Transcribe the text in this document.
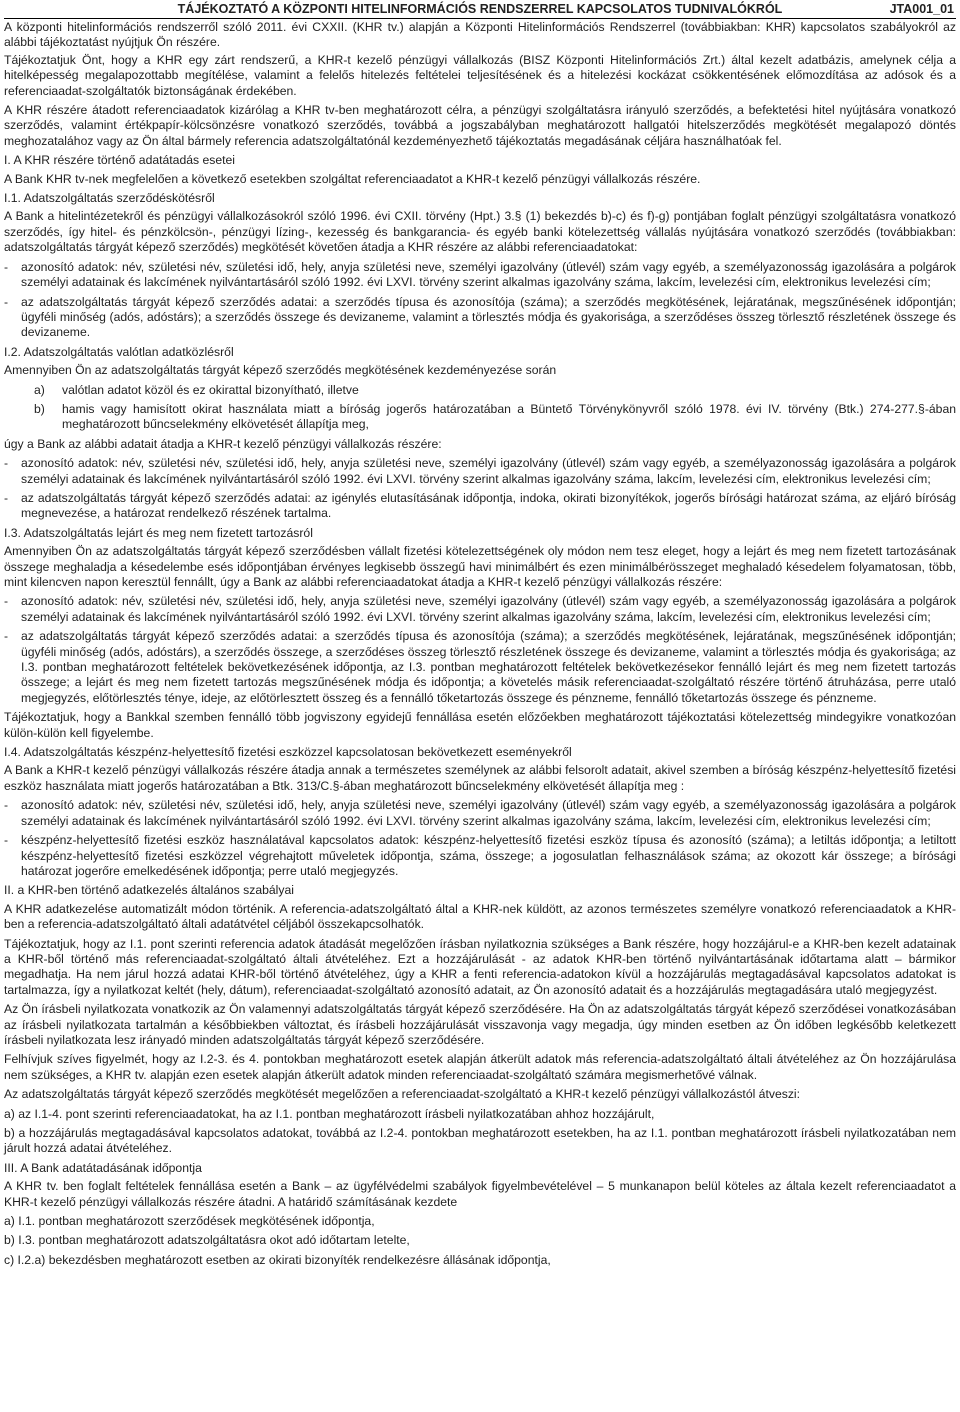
TÁJÉKOZTATÓ A KÖZPONTI HITELINFORMÁCIÓS RENDSZERREL KAPCSOLATOS TUDNIVALÓKRÓL	JTA001_01

A központi hitelinformációs rendszerről szóló 2011. évi CXXII. (KHR tv.) alapján a Központi Hitelinformációs Rendszerrel (továbbiakban: KHR) kapcsolatos szabályokról az alábbi tájékoztatást nyújtjuk Ön részére.

Tájékoztatjuk Önt, hogy a KHR egy zárt rendszerű, a KHR-t kezelő pénzügyi vállalkozás (BISZ Központi Hitelinformációs Zrt.) által kezelt adatbázis, amelynek célja a hitelképesség megalapozottabb megítélése, valamint a felelős hitelezés feltételei teljesítésének és a hitelezési kockázat csökkentésének előmozdítása az adósok és a referenciaadat-szolgáltatók biztonságának érdekében.

A KHR részére átadott referenciaadatok kizárólag a KHR tv-ben meghatározott célra, a pénzügyi szolgáltatásra irányuló szerződés, a befektetési hitel nyújtására vonatkozó szerződés, valamint értékpapír-kölcsönzésre vonatkozó szerződés, továbbá a jogszabályban meghatározott hallgatói hitelszerződés megkötését megalapozó döntés meghozatalához vagy az Ön által bármely referencia adatszolgáltatónál kezdeményezhető tájékoztatás megadásának céljára használhatóak fel.

I. A KHR részére történő adatátadás esetei

A Bank KHR tv-nek megfelelően a következő esetekben szolgáltat referenciaadatot a KHR-t kezelő pénzügyi vállalkozás részére.

I.1. Adatszolgáltatás szerződéskötésről

A Bank a hitelintézetekről és pénzügyi vállalkozásokról szóló 1996. évi CXII. törvény (Hpt.) 3.§ (1) bekezdés b)-c) és f)-g) pontjában foglalt pénzügyi szolgáltatásra vonatkozó szerződés, így hitel- és pénzkölcsön-, pénzügyi lízing-, kezesség és bankgarancia- és egyéb banki kötelezettség vállalás nyújtására vonatkozó szerződés (továbbiakban: adatszolgáltatás tárgyát képező szerződés) megkötését követően átadja a KHR részére az alábbi referenciaadatokat:

-	azonosító adatok: név, születési név, születési idő, hely, anyja születési neve, személyi igazolvány (útlevél) szám vagy egyéb, a személyazonosság igazolására a polgárok személyi adatainak és lakcímének nyilvántartásáról szóló 1992. évi LXVI. törvény szerint alkalmas igazolvány száma, lakcím, levelezési cím, elektronikus levelezési cím;
-	az adatszolgáltatás tárgyát képező szerződés adatai: a szerződés típusa és azonosítója (száma); a szerződés megkötésének, lejáratának, megszűnésének időpontján; ügyféli minőség (adós, adóstárs); a szerződés összege és devizaneme, valamint a törlesztés módja és gyakorisága, a szerződéses összeg törlesztő részletének összege és devizaneme.
I.2. Adatszolgáltatás valótlan adatközlésről

Amennyiben Ön az adatszolgáltatás tárgyát képező szerződés megkötésének kezdeményezése során

a)	valótlan adatot közöl és ez okirattal bizonyítható, illetve
b)	hamis vagy hamisított okirat használata miatt a bíróság jogerős határozatában a Büntető Törvénykönyvről szóló 1978. évi IV. törvény (Btk.) 274-277.§-ában meghatározott bűncselekmény elkövetését állapítja meg,

úgy a Bank az alábbi adatait átadja a KHR-t kezelő pénzügyi vállalkozás részére:

-	azonosító adatok: név, születési név, születési idő, hely, anyja születési neve, személyi igazolvány (útlevél) szám vagy egyéb, a személyazonosság igazolására a polgárok személyi adatainak és lakcímének nyilvántartásáról szóló 1992. évi LXVI. törvény szerint alkalmas igazolvány száma, lakcím, levelezési cím, elektronikus levelezési cím;
-	az adatszolgáltatás tárgyát képező szerződés adatai: az igénylés elutasításának időpontja, indoka, okirati bizonyítékok, jogerős bírósági határozat száma, az eljáró bíróság megnevezése, a határozat rendelkező részének tartalma.
I.3. Adatszolgáltatás lejárt és meg nem fizetett tartozásról

Amennyiben Ön az adatszolgáltatás tárgyát képező szerződésben vállalt fizetési kötelezettségének oly módon nem tesz eleget, hogy a lejárt és meg nem fizetett tartozásának összege meghaladja a késedelembe esés időpontjában érvényes legkisebb összegű havi minimálbért és ezen minimálbérösszeget meghaladó késedelem folyamatosan, több, mint kilencven napon keresztül fennállt, úgy a Bank az alábbi referenciaadatokat átadja a KHR-t kezelő pénzügyi vállalkozás részére:

-	azonosító adatok: név, születési név, születési idő, hely, anyja születési neve, személyi igazolvány (útlevél) szám vagy egyéb, a személyazonosság igazolására a polgárok személyi adatainak és lakcímének nyilvántartásáról szóló 1992. évi LXVI. törvény szerint alkalmas igazolvány száma, lakcím, levelezési cím, elektronikus levelezési cím;
-	az adatszolgáltatás tárgyát képező szerződés adatai: a szerződés típusa és azonosítója (száma); a szerződés megkötésének, lejáratának, megszűnésének időpontján; ügyféli minőség (adós, adóstárs), a szerződés összege, a szerződéses összeg törlesztő részletének összege és devizaneme, valamint a törlesztés módja és gyakorisága; az I.3. pontban meghatározott feltételek bekövetkezésének időpontja, az I.3. pontban meghatározott feltételek bekövetkezésekor fennálló lejárt és meg nem fizetett tartozás összege; a lejárt és meg nem fizetett tartozás megszűnésének módja és időpontja; a követelés másik referenciaadat-szolgáltató részére történő átruházása, perre utaló megjegyzés, előtörlesztés ténye, ideje, az előtörlesztett összeg és a fennálló tőketartozás összege és pénzneme, fennálló tőketartozás összege és pénzneme.

Tájékoztatjuk, hogy a Bankkal szemben fennálló több jogviszony egyidejű fennállása esetén előzőekben meghatározott tájékoztatási kötelezettség mindegyikre vonatkozóan külön-külön kell figyelembe.

I.4. Adatszolgáltatás készpénz-helyettesítő fizetési eszközzel kapcsolatosan bekövetkezett eseményekről

A Bank a KHR-t kezelő pénzügyi vállalkozás részére átadja annak a természetes személynek az alábbi felsorolt adatait, akivel szemben a bíróság készpénz-helyettesítő fizetési eszköz használata miatt jogerős határozatában a Btk. 313/C.§-ában meghatározott bűncselekmény elkövetését állapítja meg :

-	azonosító adatok: név, születési név, születési idő, hely, anyja születési neve, személyi igazolvány (útlevél) szám vagy egyéb, a személyazonosság igazolására a polgárok személyi adatainak és lakcímének nyilvántartásáról szóló 1992. évi LXVI. törvény szerint alkalmas igazolvány száma, lakcím, levelezési cím, elektronikus levelezési cím;
-	készpénz-helyettesítő fizetési eszköz használatával kapcsolatos adatok: készpénz-helyettesítő fizetési eszköz típusa és azonosító (száma); a letiltás időpontja; a letiltott készpénz-helyettesítő fizetési eszközzel végrehajtott műveletek időpontja, száma, összege; a jogosulatlan felhasználások száma; az okozott kár összege; a bírósági határozat jogerőre emelkedésének időpontja; perre utaló megjegyzés.
II. a KHR-ben történő adatkezelés általános szabályai

A KHR adatkezelése automatizált módon történik. A referencia-adatszolgáltató által a KHR-nek küldött, az azonos természetes személyre vonatkozó referenciaadatok a KHR-ben a referencia-adatszolgáltató általi adatátvétel céljából összekapcsolhatók.

Tájékoztatjuk, hogy az I.1. pont szerinti referencia adatok átadását megelőzően írásban nyilatkoznia szükséges a Bank részére, hogy hozzájárul-e a KHR-ben kezelt adatainak a KHR-ből történő más referenciaadat-szolgáltató általi átvételéhez. Ezt a hozzájárulását - az adatok KHR-ben történő nyilvántartásának időtartama alatt – bármikor megadhatja. Ha nem járul hozzá adatai KHR-ből történő átvételéhez, úgy a KHR a fenti referencia-adatokon kívül a hozzájárulás megtagadásával kapcsolatos adatokat is tartalmazza, így a nyilatkozat keltét (hely, dátum), referenciaadat-szolgáltató azonosító adatait, az Ön azonosító adatait és a hozzájárulás megtagadására utaló megjegyzést.

Az Ön írásbeli nyilatkozata vonatkozik az Ön valamennyi adatszolgáltatás tárgyát képező szerződésére. Ha Ön az adatszolgáltatás tárgyát képező szerződései vonatkozásában az írásbeli nyilatkozata tartalmán a későbbiekben változtat, és írásbeli hozzájárulását visszavonja vagy megadja, úgy minden esetben az Ön időben legkésőbb keletkezett írásbeli nyilatkozata lesz irányadó minden adatszolgáltatás tárgyát képező szerződésére.

Felhívjuk szíves figyelmét, hogy az I.2-3. és 4. pontokban meghatározott esetek alapján átkerült adatok más referencia-adatszolgáltató általi átvételéhez az Ön hozzájárulása nem szükséges, a KHR tv. alapján ezen esetek alapján átkerült adatok minden referenciaadat-szolgáltató számára megismerhetővé válnak.

Az adatszolgáltatás tárgyát képező szerződés megkötését megelőzően a referenciaadat-szolgáltató a KHR-t kezelő pénzügyi vállalkozástól átveszi:

a) az I.1-4. pont szerinti referenciaadatokat, ha az I.1. pontban meghatározott írásbeli nyilatkozatában ahhoz hozzájárult,

b) a hozzájárulás megtagadásával kapcsolatos adatokat, továbbá az I.2-4. pontokban meghatározott esetekben, ha az I.1. pontban meghatározott írásbeli nyilatkozatában nem járult hozzá adatai átvételéhez.

III. A Bank adatátadásának időpontja

A KHR tv. ben foglalt feltételek fennállása esetén a Bank – az ügyfélvédelmi szabályok figyelmbevételével – 5 munkanapon belül köteles az általa kezelt referenciaadatot a KHR-t kezelő pénzügyi vállalkozás részére átadni. A határidő számításának kezdete

a) I.1. pontban meghatározott szerződések megkötésének időpontja,

b) I.3. pontban meghatározott adatszolgáltatásra okot adó időtartam letelte,

c) I.2.a) bekezdésben meghatározott esetben az okirati bizonyíték rendelkezésre állásának időpontja,
